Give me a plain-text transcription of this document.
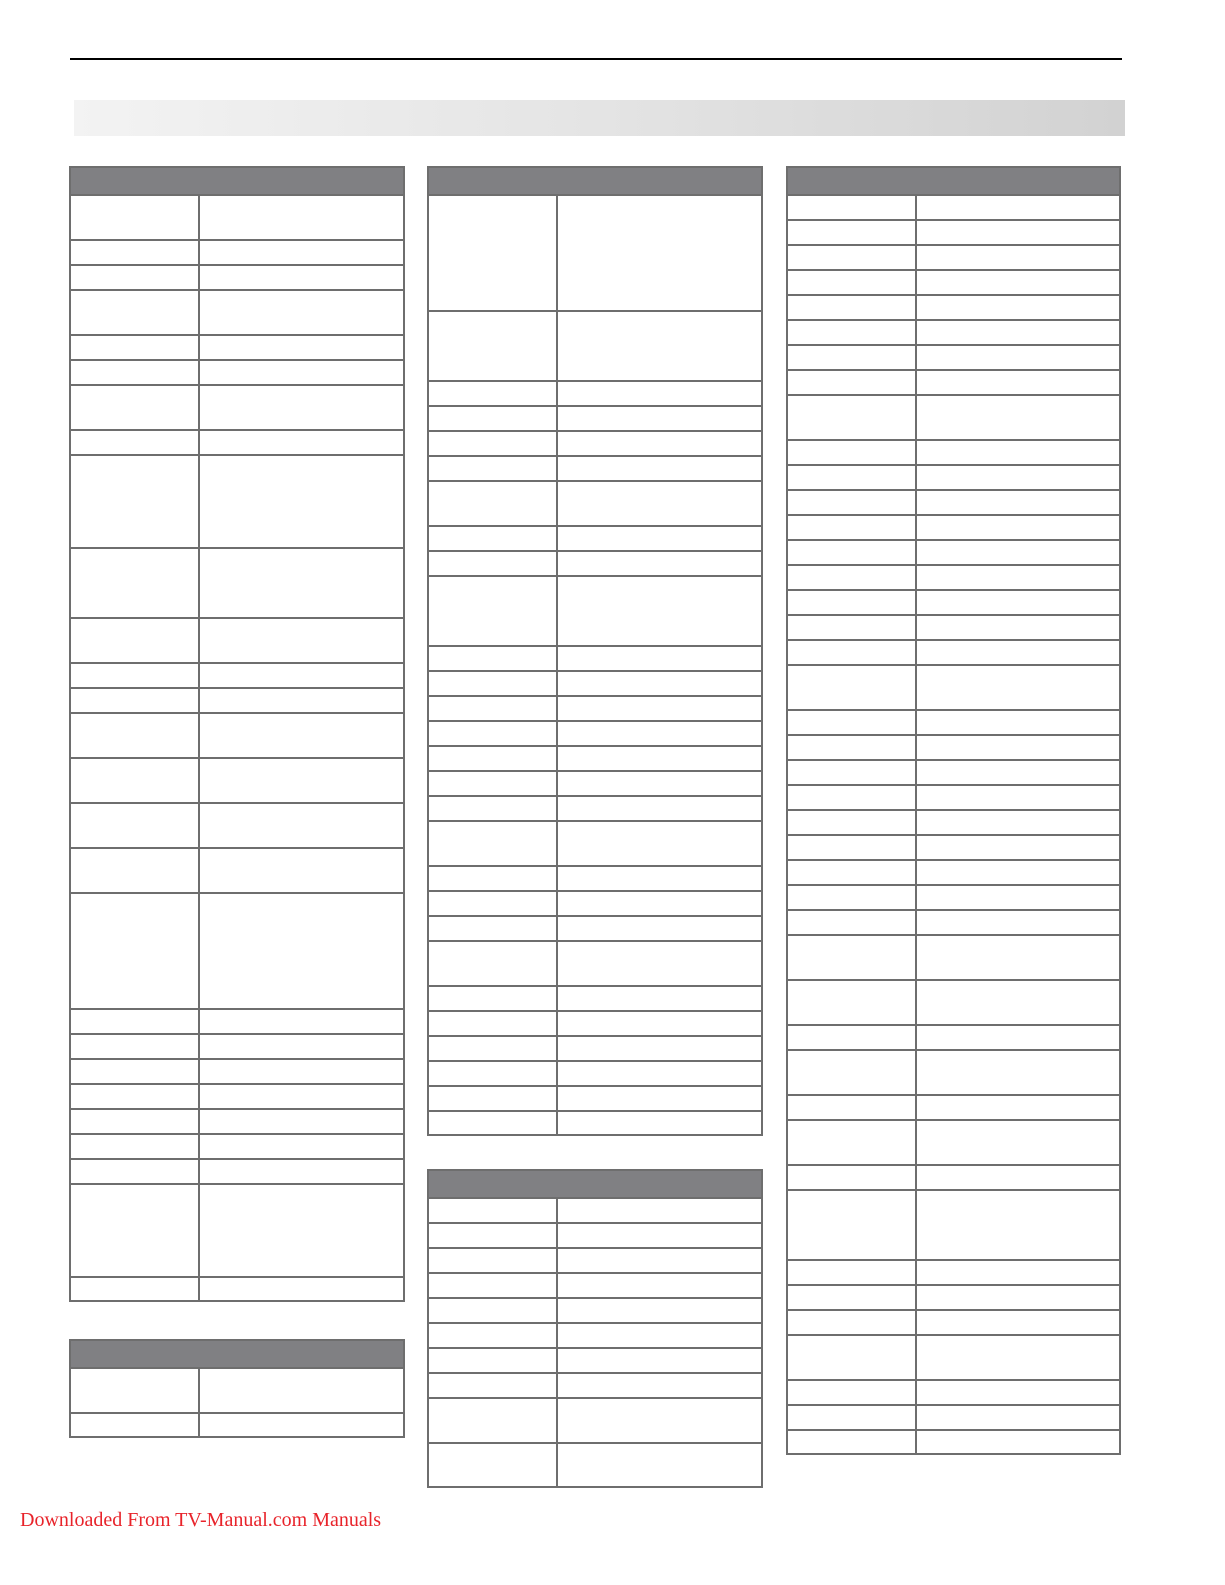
Downloaded From TV-Manual.com Manuals
